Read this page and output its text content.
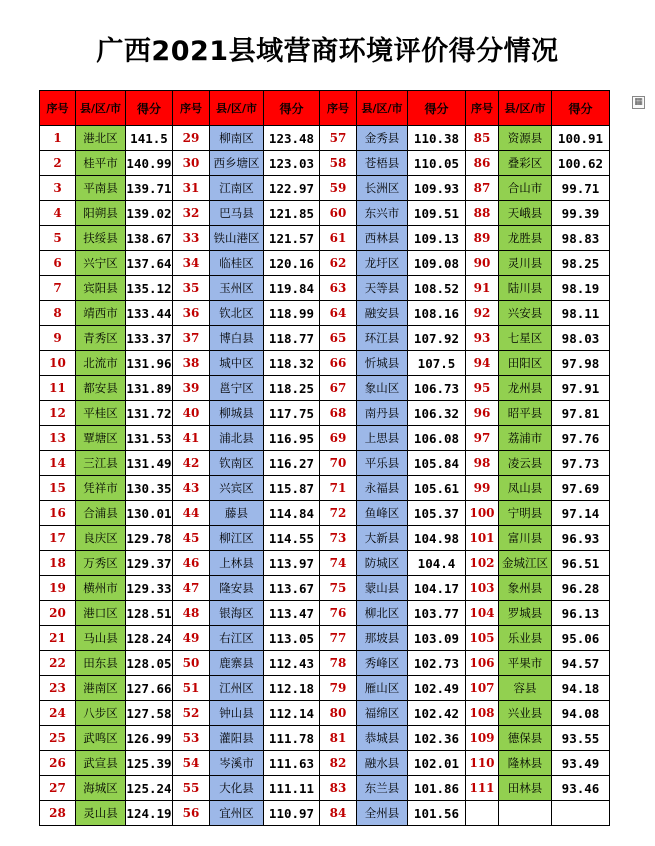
广西2021县域营商环境评价得分情况
▦
序号	县/区/市	得分	序号	县/区/市	得分	序号	县/区/市	得分	序号	县/区/市	得分
1	港北区	141.5	29	柳南区	123.48	57	金秀县	110.38	85	资源县	100.91
2	桂平市	140.99	30	西乡塘区	123.03	58	苍梧县	110.05	86	叠彩区	100.62
3	平南县	139.71	31	江南区	122.97	59	长洲区	109.93	87	合山市	99.71
4	阳朔县	139.02	32	巴马县	121.85	60	东兴市	109.51	88	天峨县	99.39
5	扶绥县	138.67	33	铁山港区	121.57	61	西林县	109.13	89	龙胜县	98.83
6	兴宁区	137.64	34	临桂区	120.16	62	龙圩区	109.08	90	灵川县	98.25
7	宾阳县	135.12	35	玉州区	119.84	63	天等县	108.52	91	陆川县	98.19
8	靖西市	133.44	36	钦北区	118.99	64	融安县	108.16	92	兴安县	98.11
9	青秀区	133.37	37	博白县	118.77	65	环江县	107.92	93	七星区	98.03
10	北流市	131.96	38	城中区	118.32	66	忻城县	107.5	94	田阳区	97.98
11	都安县	131.89	39	邕宁区	118.25	67	象山区	106.73	95	龙州县	97.91
12	平桂区	131.72	40	柳城县	117.75	68	南丹县	106.32	96	昭平县	97.81
13	覃塘区	131.53	41	浦北县	116.95	69	上思县	106.08	97	荔浦市	97.76
14	三江县	131.49	42	钦南区	116.27	70	平乐县	105.84	98	凌云县	97.73
15	凭祥市	130.35	43	兴宾区	115.87	71	永福县	105.61	99	凤山县	97.69
16	合浦县	130.01	44	藤县	114.84	72	鱼峰区	105.37	100	宁明县	97.14
17	良庆区	129.78	45	柳江区	114.55	73	大新县	104.98	101	富川县	96.93
18	万秀区	129.37	46	上林县	113.97	74	防城区	104.4	102	金城江区	96.51
19	横州市	129.33	47	隆安县	113.67	75	蒙山县	104.17	103	象州县	96.28
20	港口区	128.51	48	银海区	113.47	76	柳北区	103.77	104	罗城县	96.13
21	马山县	128.24	49	右江区	113.05	77	那坡县	103.09	105	乐业县	95.06
22	田东县	128.05	50	鹿寨县	112.43	78	秀峰区	102.73	106	平果市	94.57
23	港南区	127.66	51	江州区	112.18	79	雁山区	102.49	107	容县	94.18
24	八步区	127.58	52	钟山县	112.14	80	福绵区	102.42	108	兴业县	94.08
25	武鸣区	126.99	53	灌阳县	111.78	81	恭城县	102.36	109	德保县	93.55
26	武宣县	125.39	54	岑溪市	111.63	82	融水县	102.01	110	隆林县	93.49
27	海城区	125.24	55	大化县	111.11	83	东兰县	101.86	111	田林县	93.46
28	灵山县	124.19	56	宜州区	110.97	84	全州县	101.56			
